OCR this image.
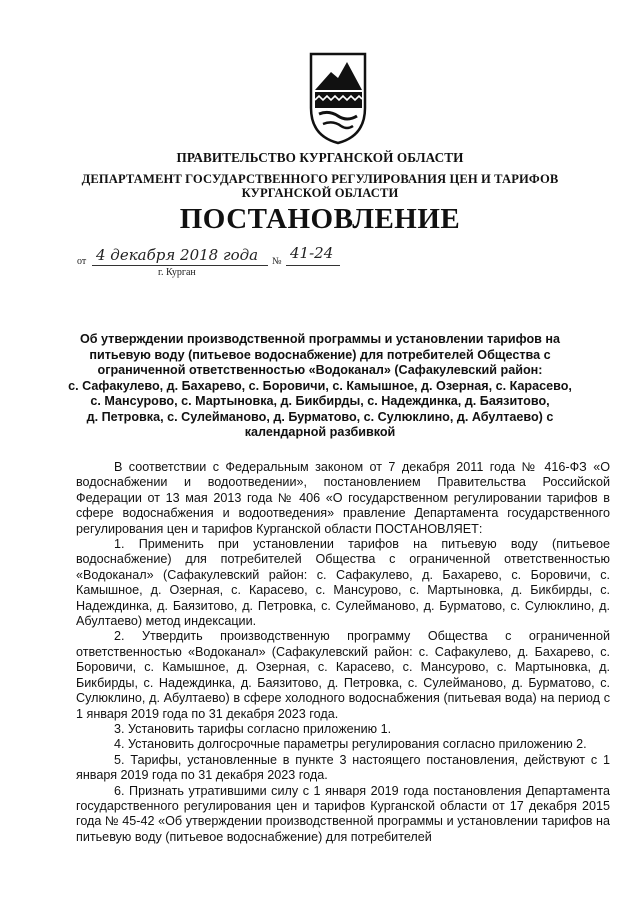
ПРАВИТЕЛЬСТВО КУРГАНСКОЙ ОБЛАСТИ
ДЕПАРТАМЕНТ ГОСУДАРСТВЕННОГО РЕГУЛИРОВАНИЯ ЦЕН И ТАРИФОВ
КУРГАНСКОЙ ОБЛАСТИ
ПОСТАНОВЛЕНИЕ
от 4 декабря 2018 года № 41-24
г. Курган
Об утверждении производственной программы и установлении тарифов на
питьевую воду (питьевое водоснабжение) для потребителей Общества с
ограниченной ответственностью «Водоканал» (Сафакулевский район:
с. Сафакулево, д. Бахарево, с. Боровичи, с. Камышное, д. Озерная, с. Карасево,
с. Мансурово, с. Мартыновка, д. Бикбирды, с. Надеждинка, д. Баязитово,
д. Петровка, с. Сулейманово, д. Бурматово, с. Сулюклино, д. Абултаево) с
календарной разбивкой

В соответствии с Федеральным законом от 7 декабря 2011 года № 416-ФЗ «О водоснабжении и водоотведении», постановлением Правительства Российской Федерации от 13 мая 2013 года № 406 «О государственном регулировании тарифов в сфере водоснабжения и водоотведения» правление Департамента государственного регулирования цен и тарифов Курганской области ПОСТАНОВЛЯЕТ:

1. Применить при установлении тарифов на питьевую воду (питьевое водоснабжение) для потребителей Общества с ограниченной ответственностью «Водоканал» (Сафакулевский район: с. Сафакулево, д. Бахарево, с. Боровичи, с. Камышное, д. Озерная, с. Карасево, с. Мансурово, с. Мартыновка, д. Бикбирды, с. Надеждинка, д. Баязитово, д. Петровка, с. Сулейманово, д. Бурматово, с. Сулюклино, д. Абултаево) метод индексации.

2. Утвердить производственную программу Общества с ограниченной ответственностью «Водоканал» (Сафакулевский район: с. Сафакулево, д. Бахарево, с. Боровичи, с. Камышное, д. Озерная, с. Карасево, с. Мансурово, с. Мартыновка, д. Бикбирды, с. Надеждинка, д. Баязитово, д. Петровка, с. Сулейманово, д. Бурматово, с. Сулюклино, д. Абултаево) в сфере холодного водоснабжения (питьевая вода) на период с 1 января 2019 года по 31 декабря 2023 года.

3. Установить тарифы согласно приложению 1.

4. Установить долгосрочные параметры регулирования согласно приложению 2.

5. Тарифы, установленные в пункте 3 настоящего постановления, действуют с 1 января 2019 года по 31 декабря 2023 года.

6. Признать утратившими силу с 1 января 2019 года постановления Департамента государственного регулирования цен и тарифов Курганской области от 17 декабря 2015 года № 45-42 «Об утверждении производственной программы и установлении тарифов на питьевую воду (питьевое водоснабжение) для потребителей
